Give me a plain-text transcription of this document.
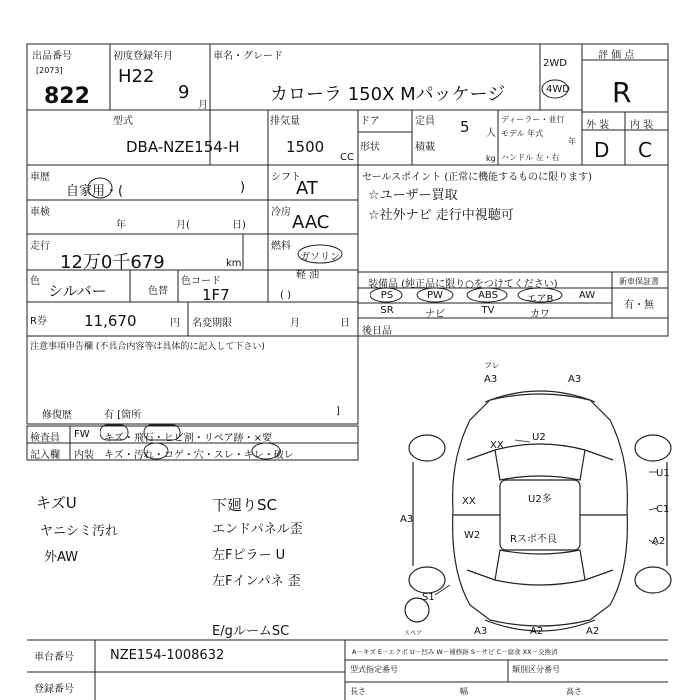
出品番号
[2073]
822
初度登録年月
H22
9
月
車名・グレード
カローラ 150X Mパッケージ
2WD
4WD
評 価 点
R
型式
DBA-NZE154-H
排気量
1500
CC
ドア	定員 5 人
形状	積載
kg
ディーラー・並行
モデル 年式
年
ハンドル 左・右
外 装 内 装
D C
車歴
自家用・(	)
シフト
AT
セールスポイント (正常に機能するものに限ります)
☆ユーザー買取
☆社外ナビ 走行中視聴可
車検
年	月(	日)
冷房 AAC
走行
12万0千679	km
燃料
ガソリン
軽 油
( )
色
シルバー	色替
色コード
1F7
装備品 (純正品に限り○をつけてください)	新車保証書
有・無
PS	PW	ABS	エアB	AW
SR	ナビ	TV	カワ
R券 11,670	円 名変期限	月	日
後日品
注意事項申告欄 (不具合内容等は具体的に記入して下さい)
修復歴	有 [箇所	]
検査員
記入欄
FW キズ・飛石・ヒビ割・リペア跡・×要
内装 キズ・汚れ・コゲ・穴・スレ・キレ・破レ
キズU
ヤニシミ汚れ
外AW
下廻りSC
エンドパネル歪
左Fピラー U
左Fインパネ 歪
E/gルームSC
フレ
A3	A3
U2
XX
U1
XX	U2多
C1
A3
W2	Rスポ不良	A2
S1
A3	A2	A2
スペア
車台番号	NZE154-1008632
登録番号
A－キズ E－エクボ U－凹み W－補修跡 S－サビ C－腐食 XX－交換済
型式指定番号	類別区分番号
長さ	幅	高さ
